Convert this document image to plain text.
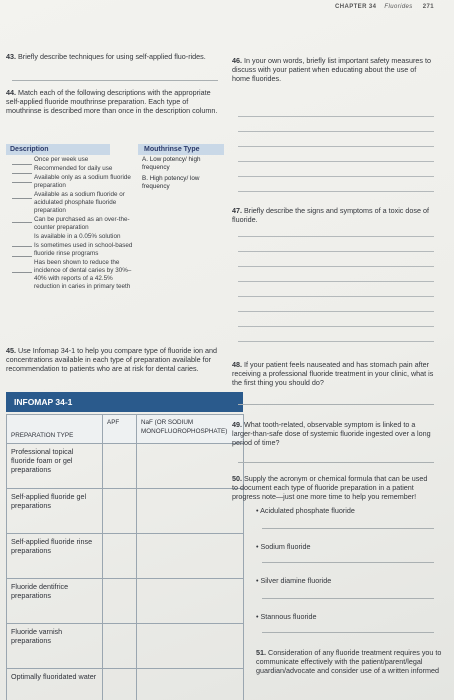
CHAPTER 34 Fluorides 271
43. Briefly describe techniques for using self-applied fluo-rides.
44. Match each of the following descriptions with the appropriate self-applied fluoride mouthrinse preparation. Each type of mouthrinse is described more than once in the description column.
Description	Mouthrinse Type
Once per week use
Recommended for daily use
Available only as a sodium fluoride preparation
Available as a sodium fluoride or acidulated phosphate fluoride preparation
Can be purchased as an over-the-counter preparation
Is available in a 0.05% solution
Is sometimes used in school-based fluoride rinse programs
Has been shown to reduce the incidence of dental caries by 30%–40% with reports of a 42.5% reduction in caries in primary teeth
A. Low potency/ high frequency
B. High potency/ low frequency
45. Use Infomap 34-1 to help you compare type of fluoride ion and concentrations available in each type of preparation available for recommendation to patients who are at risk for dental caries.
INFOMAP 34-1
PREPARATION TYPE	APF	NaF (OR SODIUM MONOFLUOROPHOSPHATE)
Professional topical fluoride foam or gel preparations		
Self-applied fluoride gel preparations		
Self-applied fluoride rinse preparations		
Fluoride dentifrice preparations		
Fluoride varnish preparations		
Optimally fluoridated water		
46. In your own words, briefly list important safety measures to discuss with your patient when educating about the use of home fluorides.
47. Briefly describe the signs and symptoms of a toxic dose of fluoride.
48. If your patient feels nauseated and has stomach pain after receiving a professional fluoride treatment in your clinic, what is the first thing you should do?
49. What tooth-related, observable symptom is linked to a larger-than-safe dose of systemic fluoride ingested over a long period of time?
50. Supply the acronym or chemical formula that can be used to document each type of fluoride preparation in a patient progress note—just one more time to help you remember!
• Acidulated phosphate fluoride
• Sodium fluoride
• Silver diamine fluoride
• Stannous fluoride
51. Consideration of any fluoride treatment requires you to communicate effectively with the patient/parent/legal guardian/advocate and consider use of a written informed
